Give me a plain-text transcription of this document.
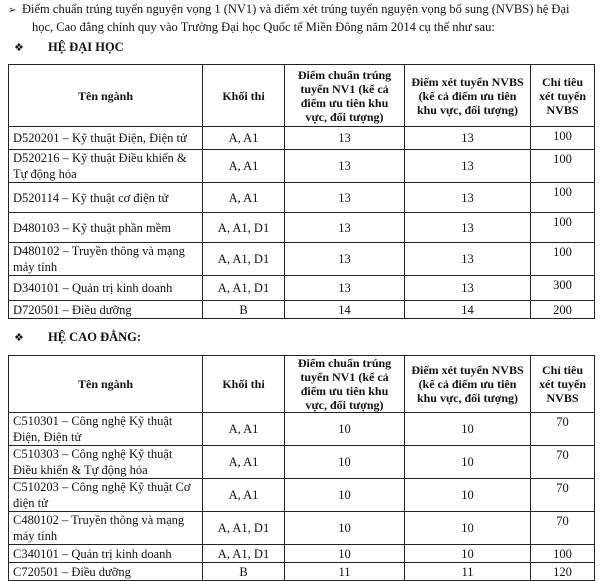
➢ Điểm chuẩn trúng tuyển nguyện vọng 1 (NV1) và điểm xét trúng tuyển nguyện vọng bổ sung (NVBS) hệ Đại
học, Cao đẳng chính quy vào Trường Đại học Quốc tế Miền Đông năm 2014 cụ thể như sau:
❖ HỆ ĐẠI HỌC
Tên ngành	Khối thi	Điểm chuẩn trúng tuyển NV1 (kể cả điểm ưu tiên khu vực, đối tượng)	Điểm xét tuyển NVBS (kể cả điểm ưu tiên khu vực, đối tượng)	Chỉ tiêu xét tuyển NVBS
D520201 – Kỹ thuật Điện, Điện tử	A, A1	13	13	100
D520216 – Kỹ thuật Điều khiển & Tự động hóa	A, A1	13	13	100
D520114 – Kỹ thuật cơ điện tử	A, A1	13	13	100
D480103 – Kỹ thuật phần mềm	A, A1, D1	13	13	100
D480102 – Truyền thông và mạng máy tính	A, A1, D1	13	13	100
D340101 – Quản trị kinh doanh	A, A1, D1	13	13	300
D720501 – Điều dưỡng	B	14	14	200
❖ HỆ CAO ĐẲNG:
Tên ngành	Khối thi	Điểm chuẩn trúng tuyển NV1 (kể cả điểm ưu tiên khu vực, đối tượng)	Điểm xét tuyển NVBS (kể cả điểm ưu tiên khu vực, đối tượng)	Chỉ tiêu xét tuyển NVBS
C510301 – Công nghệ Kỹ thuật Điện, Điện tử	A, A1	10	10	70
C510303 – Công nghệ Kỹ thuật Điều khiển & Tự động hóa	A, A1	10	10	70
C510203 – Công nghệ Kỹ thuật Cơ điện tử	A, A1	10	10	70
C480102 – Truyền thông và mạng máy tính	A, A1, D1	10	10	70
C340101 – Quản trị kinh doanh	A, A1, D1	10	10	100
C720501 – Điều dưỡng	B	11	11	120
